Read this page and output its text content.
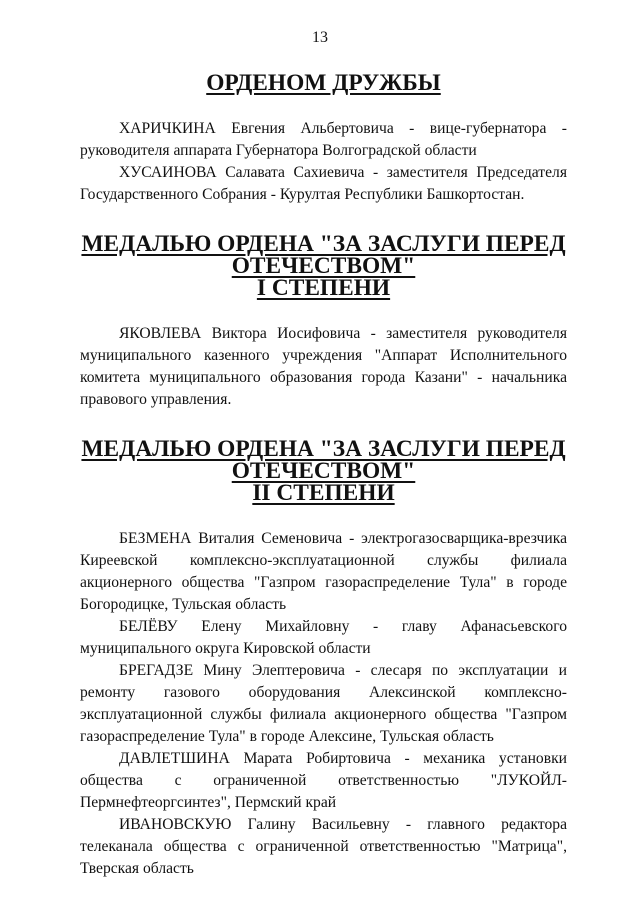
13
ОРДЕНОМ ДРУЖБЫ

ХАРИЧКИНА Евгения Альбертовича - вице-губернатора - руководителя аппарата Губернатора Волгоградской области

ХУСАИНОВА Салавата Сахиевича - заместителя Председателя Государственного Собрания - Курултая Республики Башкортостан.

МЕДАЛЬЮ ОРДЕНА "ЗА ЗАСЛУГИ ПЕРЕД ОТЕЧЕСТВОМ"
I СТЕПЕНИ

ЯКОВЛЕВА Виктора Иосифовича - заместителя руководителя муниципального казенного учреждения "Аппарат Исполнительного комитета муниципального образования города Казани" - начальника правового управления.

МЕДАЛЬЮ ОРДЕНА "ЗА ЗАСЛУГИ ПЕРЕД ОТЕЧЕСТВОМ"
II СТЕПЕНИ

БЕЗМЕНА Виталия Семеновича - электрогазосварщика-врезчика Киреевской комплексно-эксплуатационной службы филиала акционерного общества "Газпром газораспределение Тула" в городе Богородицке, Тульская область

БЕЛЁВУ Елену Михайловну - главу Афанасьевского муниципального округа Кировской области

БРЕГАДЗЕ Мину Элептеровича - слесаря по эксплуатации и ремонту газового оборудования Алексинской комплексно-эксплуатационной службы филиала акционерного общества "Газпром газораспределение Тула" в городе Алексине, Тульская область

ДАВЛЕТШИНА Марата Робиртовича - механика установки общества с ограниченной ответственностью "ЛУКОЙЛ-Пермнефтеоргсинтез", Пермский край

ИВАНОВСКУЮ Галину Васильевну - главного редактора телеканала общества с ограниченной ответственностью "Матрица", Тверская область
